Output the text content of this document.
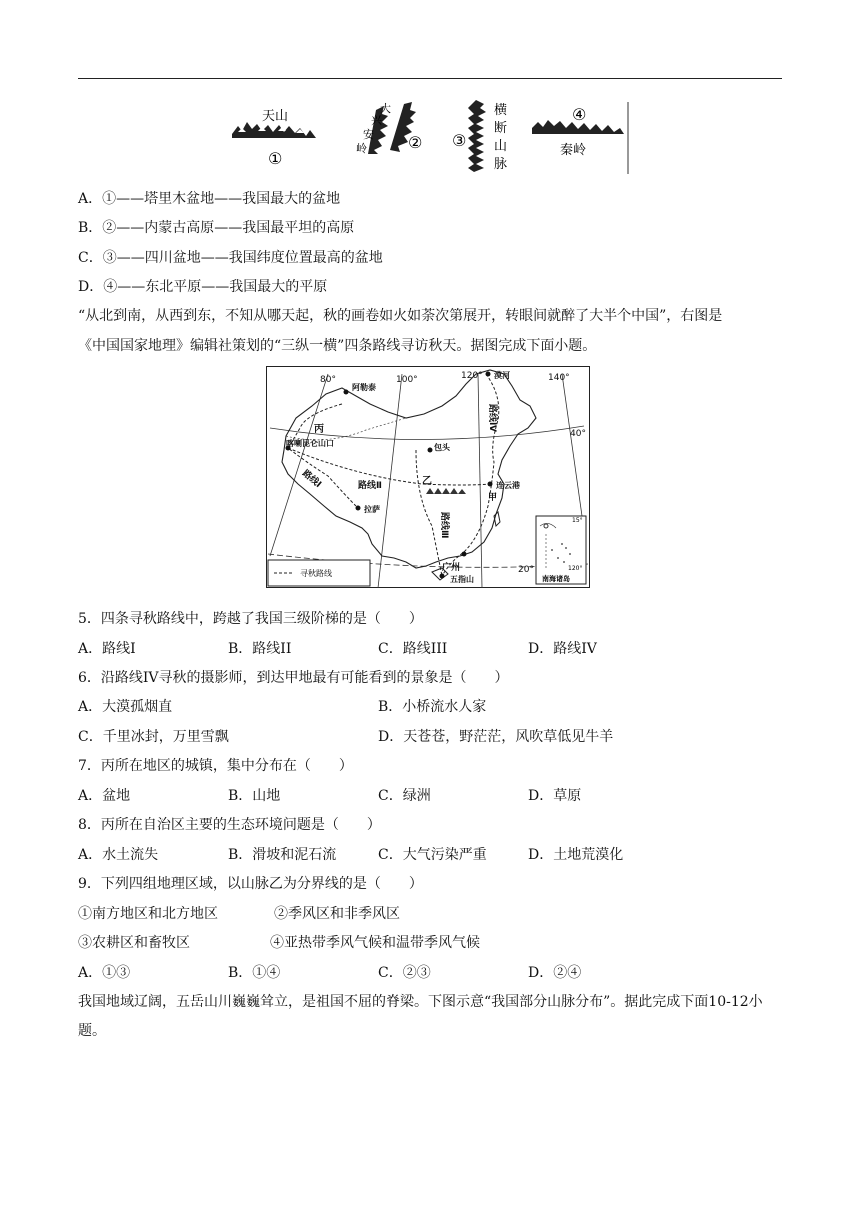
天山
①
大
兴
安
岭	② ③
横
断
山
脉
④
秦岭
A．①——塔里木盆地——我国最大的盆地
B．②——内蒙古高原——我国最平坦的高原
C．③——四川盆地——我国纬度位置最高的盆地
D．④——东北平原——我国最大的平原
“从北到南，从西到东，不知从哪天起，秋的画卷如火如荼次第展开，转眼间就醉了大半个中国”，右图是
《中国国家地理》编辑社策划的“三纵一横”四条路线寻访秋天。据图完成下面小题。
80°	100°	120°	140°
40°
20°
阿勒泰
漠河
包头
喀喇昆仑山口
连云港
拉萨
广州
五指山
丙
乙
甲
路线Ⅱ
路线Ⅰ
路线Ⅲ
路线Ⅳ
寻秋路线
15°
120°
南海诸岛
5．四条寻秋路线中，跨越了我国三级阶梯的是（　　）
A．路线I	B．路线II	C．路线III	D．路线IV
6．沿路线IV寻秋的摄影师，到达甲地最有可能看到的景象是（　　）
A．大漠孤烟直	B．小桥流水人家
C．千里冰封，万里雪飘	D．天苍苍，野茫茫，风吹草低见牛羊
7．丙所在地区的城镇，集中分布在（　　）
A．盆地	B．山地	C．绿洲	D．草原
8．丙所在自治区主要的生态环境问题是（　　）
A．水土流失	B．滑坡和泥石流	C．大气污染严重	D．土地荒漠化
9．下列四组地理区域，以山脉乙为分界线的是（　　）
①南方地区和北方地区	②季风区和非季风区
③农耕区和畜牧区	④亚热带季风气候和温带季风气候
A．①③	B．①④	C．②③	D．②④
我国地域辽阔，五岳山川巍巍耸立，是祖国不屈的脊梁。下图示意“我国部分山脉分布”。据此完成下面10-12小题。
